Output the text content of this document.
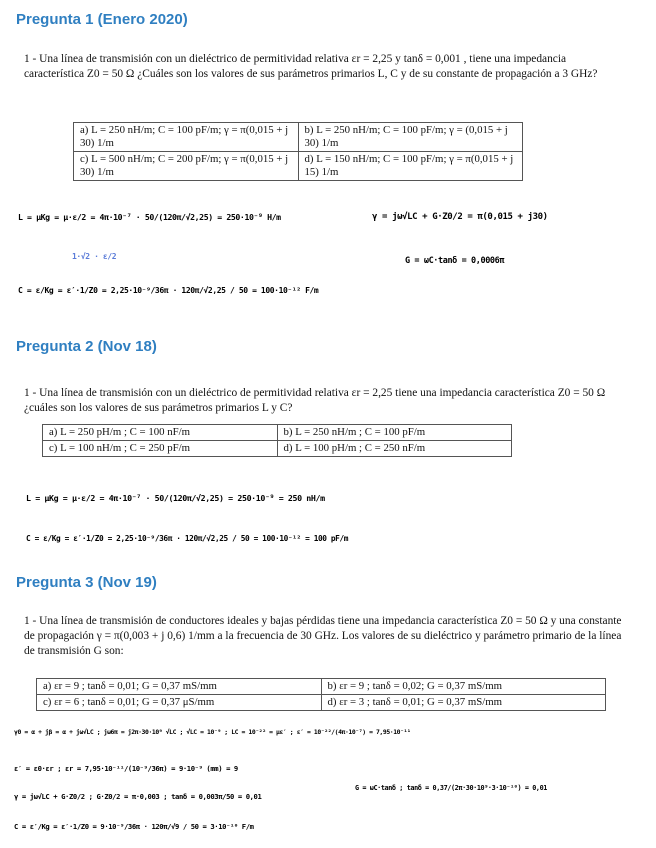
Pregunta 1 (Enero 2020)

1 - Una línea de transmisión con un dieléctrico de permitividad relativa εr = 2,25 y tanδ = 0,001 , tiene una impedancia característica Z0 = 50 Ω ¿Cuáles son los valores de sus parámetros primarios L, C y de su constante de propagación a 3 GHz?

a) L = 250 nH/m; C = 100 pF/m; γ = π(0,015 + j 30) 1/m	b) L = 250 nH/m; C = 100 pF/m; γ = (0,015 + j 30) 1/m
c) L = 500 nH/m; C = 200 pF/m; γ = π(0,015 + j 30) 1/m	d) L = 150 nH/m; C = 100 pF/m; γ = π(0,015 + j 15) 1/m
L = μKg = μ·ε/2 = 4π·10⁻⁷ · 50/(120π/√2,25) = 250·10⁻⁹ H/m
1·√2 · ε/2
γ = jω√LC + G·Z0/2 = π(0,015 + j30)
G = ωC·tanδ = 0,0006π
C = ε/Kg = ε′·1/Z0 = 2,25·10⁻⁹/36π · 120π/√2,25 / 50 = 100·10⁻¹² F/m
Pregunta 2 (Nov 18)

1 - Una línea de transmisión con un dieléctrico de permitividad relativa εr = 2,25 tiene una impedancia característica Z0 = 50 Ω ¿cuáles son los valores de sus parámetros primarios L y C?

a) L = 250 pH/m ; C = 100 nF/m	b) L = 250 nH/m ; C = 100 pF/m
c) L = 100 nH/m ; C = 250 pF/m	d) L = 100 pH/m ; C = 250 nF/m
L = μKg = μ·ε/2 = 4π·10⁻⁷ · 50/(120π/√2,25) = 250·10⁻⁹ = 250 nH/m
C = ε/Kg = ε′·1/Z0 = 2,25·10⁻⁹/36π · 120π/√2,25 / 50 = 100·10⁻¹² = 100 pF/m
Pregunta 3 (Nov 19)

1 - Una línea de transmisión de conductores ideales y bajas pérdidas tiene una impedancia característica Z0 = 50 Ω y una constante de propagación γ = π(0,003 + j 0,6) 1/mm a la frecuencia de 30 GHz. Los valores de su dieléctrico y parámetro primario de la línea de transmisión G son:

a) εr = 9 ; tanδ = 0,01; G = 0,37 mS/mm	b) εr = 9 ; tanδ = 0,02; G = 0,37 mS/mm
c) εr = 6 ; tanδ = 0,01; G = 0,37 μS/mm	d) εr = 3 ; tanδ = 0,01; G = 0,37 mS/mm
γ0 = α + jβ = α + jω√LC ; jω6π = j2π·30·10⁹ √LC ; √LC = 10⁻⁹ ; LC = 10⁻²² = με′ ; ε′ = 10⁻²²/(4π·10⁻⁷) = 7,95·10⁻¹¹
ε′ = ε0·εr ; εr = 7,95·10⁻¹¹/(10⁻⁹/36π) = 9·10⁻⁹ (mm) = 9
γ = jω√LC + G·Z0/2 ; G·Z0/2 = π·0,003 ; tanδ = 0,003π/50 = 0,01
G = ωC·tanδ ; tanδ = 0,37/(2π·30·10⁹·3·10⁻¹⁰) = 0,01
C = ε′/Kg = ε′·1/Z0 = 9·10⁻⁹/36π · 120π/√9 / 50 = 3·10⁻¹⁰ F/m
